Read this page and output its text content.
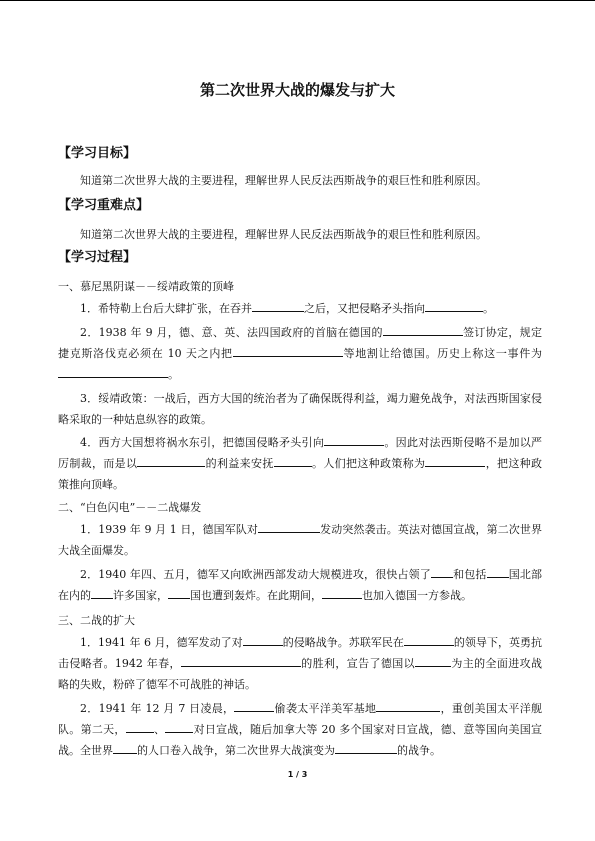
第二次世界大战的爆发与扩大
【学习目标】
知道第二次世界大战的主要进程，理解世界人民反法西斯战争的艰巨性和胜利原因。
【学习重难点】
知道第二次世界大战的主要进程，理解世界人民反法西斯战争的艰巨性和胜利原因。
【学习过程】
一、慕尼黑阴谋－－绥靖政策的顶峰
1．希特勒上台后大肆扩张，在吞并	之后，又把侵略矛头指向	。
2．1938 年 9 月，德、意、英、法四国政府的首脑在德国的	签订协定，规定捷克斯洛伐克必须在 10 天之内把	等地割让给德国。历史上称这一事件为。
3．绥靖政策：一战后，西方大国的统治者为了确保既得利益，竭力避免战争，对法西斯国家侵略采取的一种姑息纵容的政策。
4．西方大国想将祸水东引，把德国侵略矛头引向	。因此对法西斯侵略不是加以严厉制裁，而是以	的利益来安抚	。人们把这种政策称为	，把这种政策推向顶峰。
二、“白色闪电”－－二战爆发
1．1939 年 9 月 1 日，德国军队对	发动突然袭击。英法对德国宣战，第二次世界大战全面爆发。
2．1940 年四、五月，德军又向欧洲西部发动大规模进攻，很快占领了 和包括 国北部在内的 许多国家， 国也遭到轰炸。在此期间，	也加入德国一方参战。
三、二战的扩大
1．1941 年 6 月，德军发动了对	的侵略战争。苏联军民在	的领导下，英勇抗击侵略者。1942 年春，	的胜利，宣告了德国以	为主的全面进攻战略的失败，粉碎了德军不可战胜的神话。
2．1941 年 12 月 7 日凌晨，	偷袭太平洋美军基地	，重创美国太平洋舰队。第二天，	、	对日宣战，随后加拿大等 20 多个国家对日宣战，德、意等国向美国宣战。全世界 的人口卷入战争，第二次世界大战演变为	的战争。
1 / 3
